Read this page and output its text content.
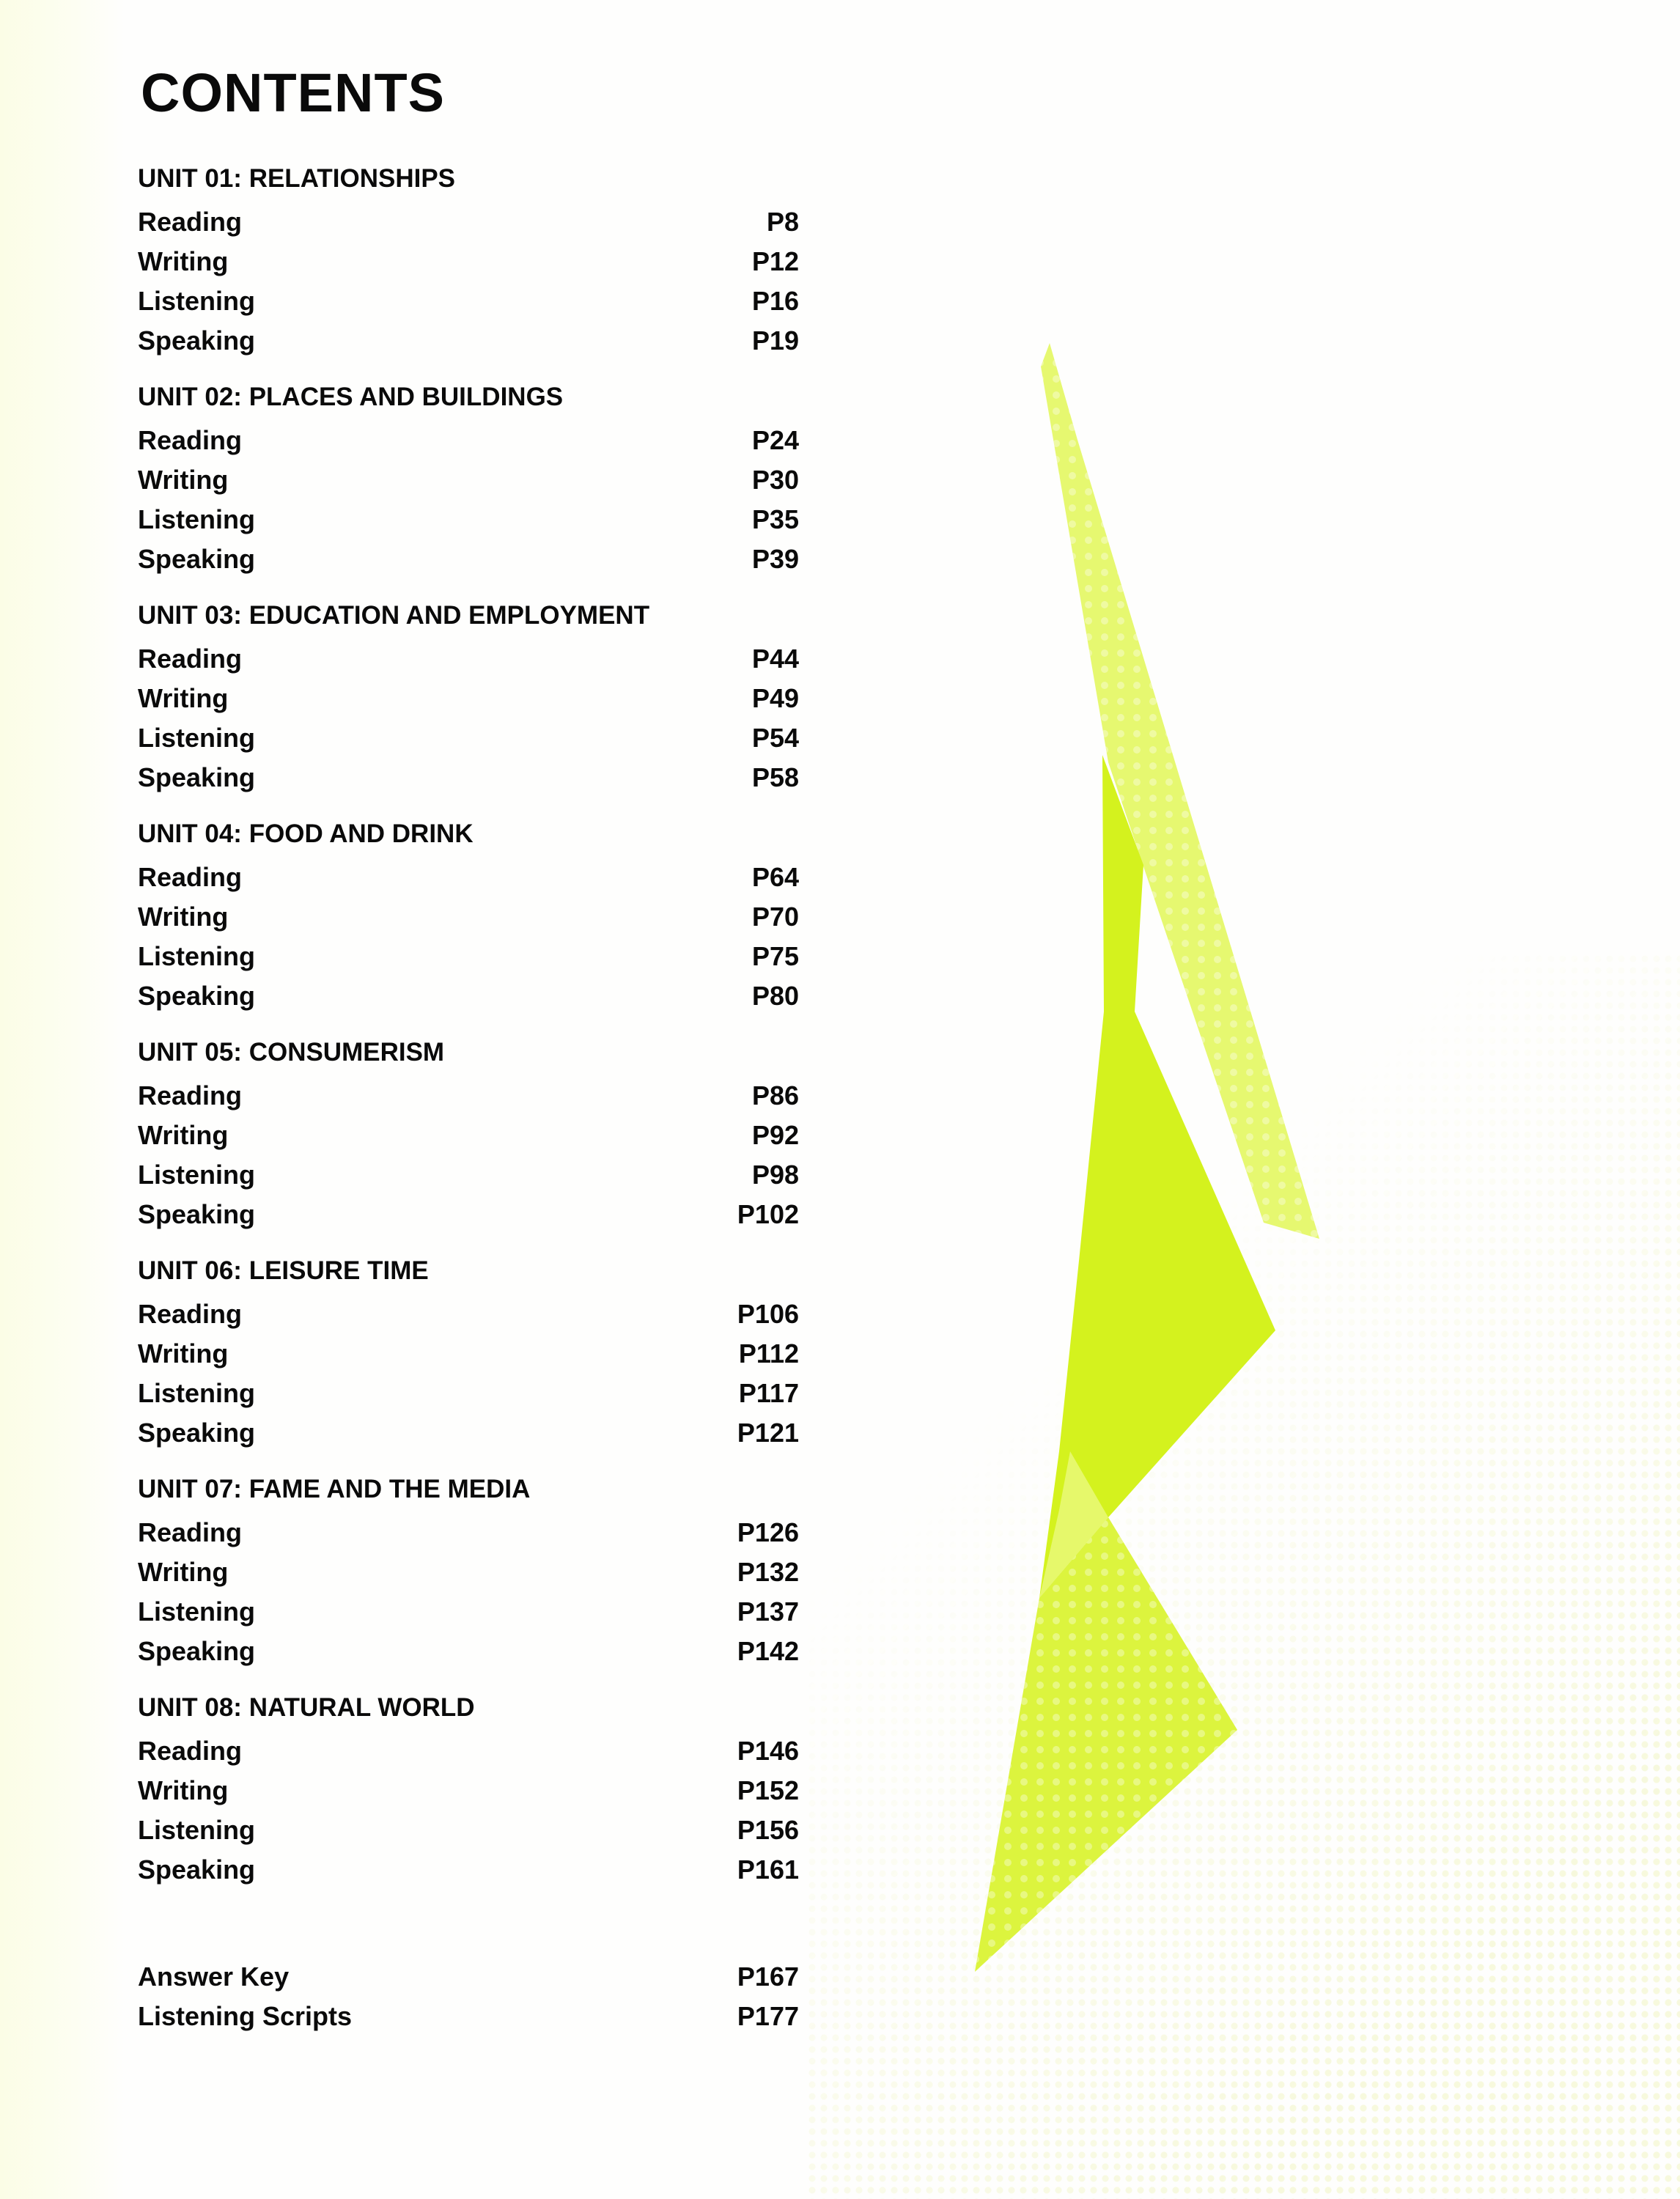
CONTENTS
UNIT 01: RELATIONSHIPS
Reading	P8
Writing	P12
Listening	P16
Speaking	P19
UNIT 02: PLACES AND BUILDINGS
Reading	P24
Writing	P30
Listening	P35
Speaking	P39
UNIT 03: EDUCATION AND EMPLOYMENT
Reading	P44
Writing	P49
Listening	P54
Speaking	P58
UNIT 04: FOOD AND DRINK
Reading	P64
Writing	P70
Listening	P75
Speaking	P80
UNIT 05: CONSUMERISM
Reading	P86
Writing	P92
Listening	P98
Speaking	P102
UNIT 06: LEISURE TIME
Reading	P106
Writing	P112
Listening	P117
Speaking	P121
UNIT 07: FAME AND THE MEDIA
Reading	P126
Writing	P132
Listening	P137
Speaking	P142
UNIT 08: NATURAL WORLD
Reading	P146
Writing	P152
Listening	P156
Speaking	P161
Answer Key	P167
Listening Scripts	P177
